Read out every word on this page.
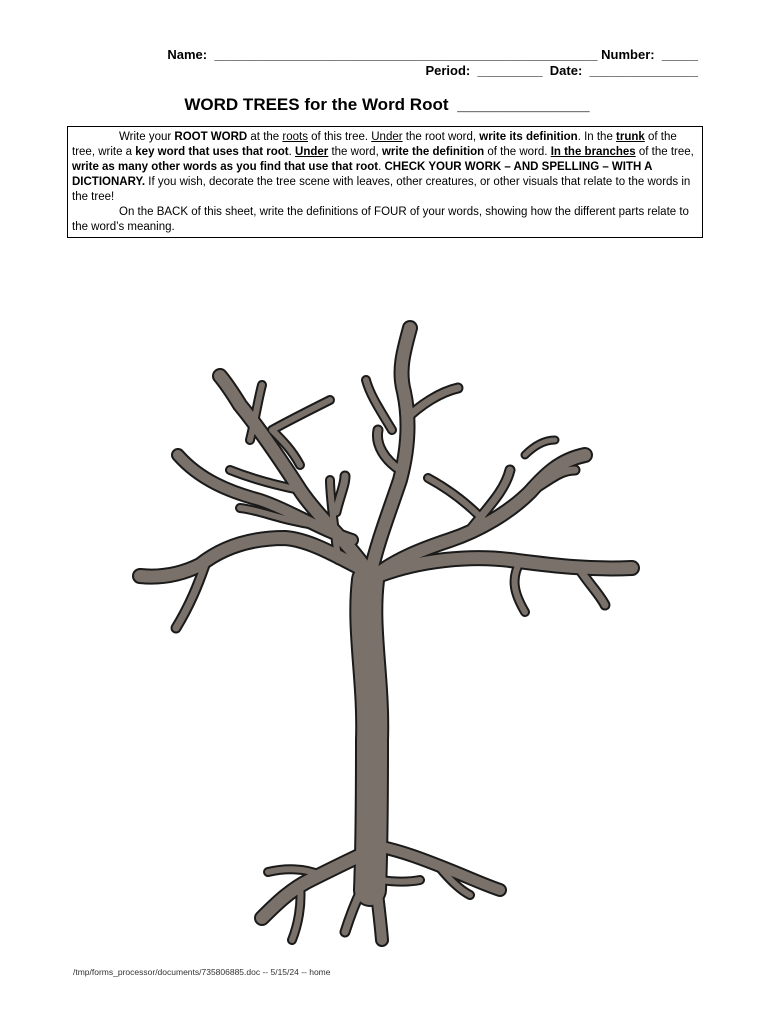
Name: _____________________________________________________ Number: _____
Period: _________ Date: _______________
WORD TREES for the Word Root ______________

Write your ROOT WORD at the roots of this tree. Under the root word, write its definition. In the trunk of the tree, write a key word that uses that root. Under the word, write the definition of the word. In the branches of the tree, write as many other words as you find that use that root. CHECK YOUR WORK – AND SPELLING – WITH A DICTIONARY. If you wish, decorate the tree scene with leaves, other creatures, or other visuals that relate to the words in the tree!

On the BACK of this sheet, write the definitions of FOUR of your words, showing how the different parts relate to the word’s meaning.

/tmp/forms_processor/documents/735806885.doc -- 5/15/24 -- home
